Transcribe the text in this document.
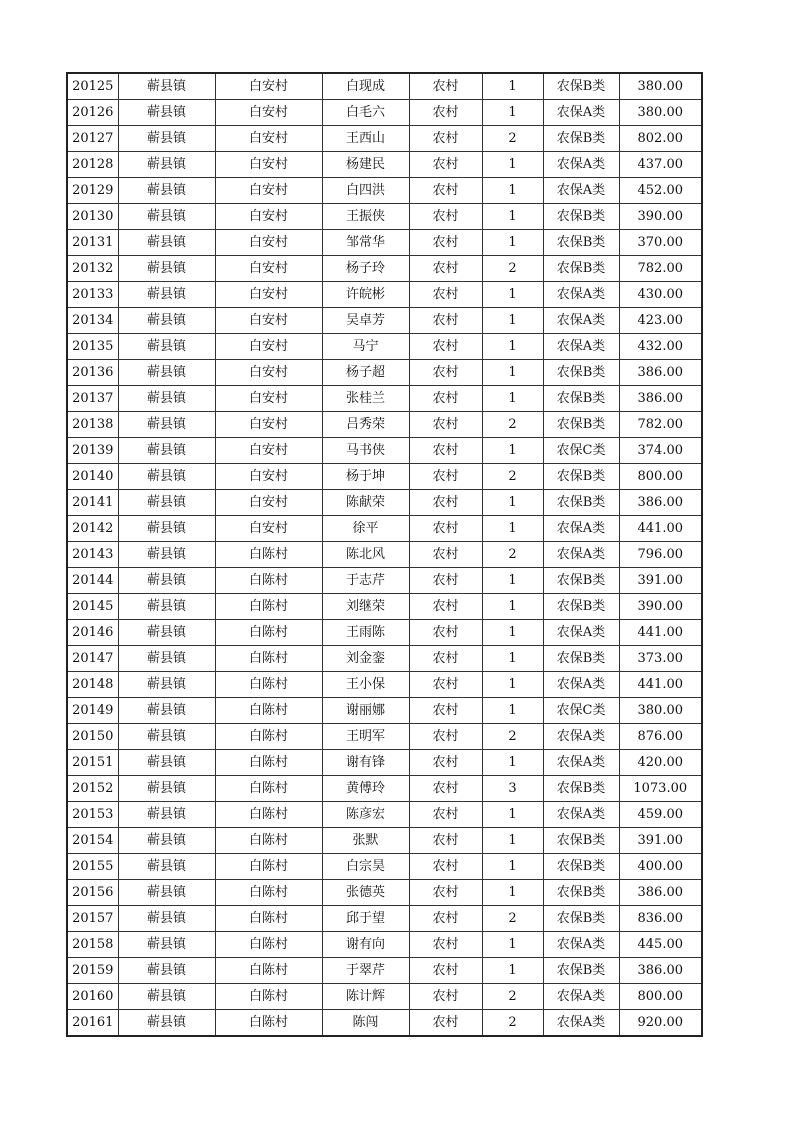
20125	蕲县镇	白安村	白现成	农村	1	农保B类	380.00
20126	蕲县镇	白安村	白毛六	农村	1	农保A类	380.00
20127	蕲县镇	白安村	王西山	农村	2	农保B类	802.00
20128	蕲县镇	白安村	杨建民	农村	1	农保A类	437.00
20129	蕲县镇	白安村	白四洪	农村	1	农保A类	452.00
20130	蕲县镇	白安村	王振侠	农村	1	农保B类	390.00
20131	蕲县镇	白安村	邹常华	农村	1	农保B类	370.00
20132	蕲县镇	白安村	杨子玲	农村	2	农保B类	782.00
20133	蕲县镇	白安村	许皖彬	农村	1	农保A类	430.00
20134	蕲县镇	白安村	吴卓芳	农村	1	农保A类	423.00
20135	蕲县镇	白安村	马宁	农村	1	农保A类	432.00
20136	蕲县镇	白安村	杨子超	农村	1	农保B类	386.00
20137	蕲县镇	白安村	张桂兰	农村	1	农保B类	386.00
20138	蕲县镇	白安村	吕秀荣	农村	2	农保B类	782.00
20139	蕲县镇	白安村	马书侠	农村	1	农保C类	374.00
20140	蕲县镇	白安村	杨于坤	农村	2	农保B类	800.00
20141	蕲县镇	白安村	陈献荣	农村	1	农保B类	386.00
20142	蕲县镇	白安村	徐平	农村	1	农保A类	441.00
20143	蕲县镇	白陈村	陈北风	农村	2	农保A类	796.00
20144	蕲县镇	白陈村	于志芹	农村	1	农保B类	391.00
20145	蕲县镇	白陈村	刘继荣	农村	1	农保B类	390.00
20146	蕲县镇	白陈村	王雨陈	农村	1	农保A类	441.00
20147	蕲县镇	白陈村	刘金銮	农村	1	农保B类	373.00
20148	蕲县镇	白陈村	王小保	农村	1	农保A类	441.00
20149	蕲县镇	白陈村	谢丽娜	农村	1	农保C类	380.00
20150	蕲县镇	白陈村	王明军	农村	2	农保A类	876.00
20151	蕲县镇	白陈村	谢有锋	农村	1	农保A类	420.00
20152	蕲县镇	白陈村	黄傅玲	农村	3	农保B类	1073.00
20153	蕲县镇	白陈村	陈彦宏	农村	1	农保A类	459.00
20154	蕲县镇	白陈村	张默	农村	1	农保B类	391.00
20155	蕲县镇	白陈村	白宗昊	农村	1	农保B类	400.00
20156	蕲县镇	白陈村	张德英	农村	1	农保B类	386.00
20157	蕲县镇	白陈村	邱于望	农村	2	农保B类	836.00
20158	蕲县镇	白陈村	谢有向	农村	1	农保A类	445.00
20159	蕲县镇	白陈村	于翠芹	农村	1	农保B类	386.00
20160	蕲县镇	白陈村	陈计辉	农村	2	农保A类	800.00
20161	蕲县镇	白陈村	陈闯	农村	2	农保A类	920.00
